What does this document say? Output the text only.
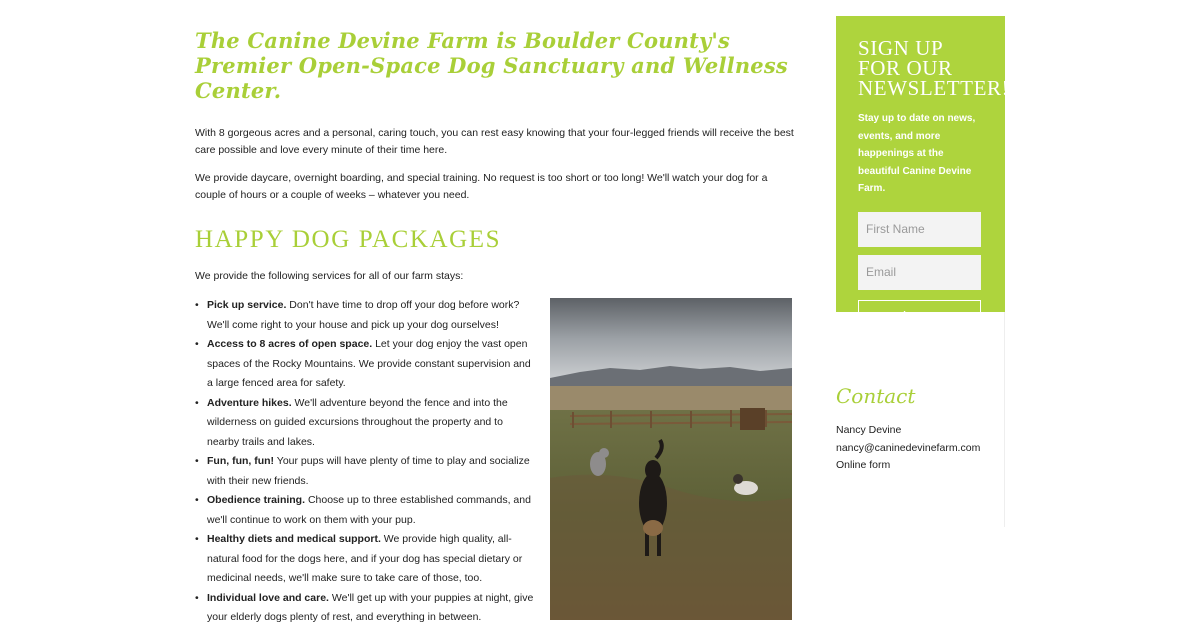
The Canine Devine Farm is Boulder County's Premier Open-Space Dog Sanctuary and Wellness Center.

With 8 gorgeous acres and a personal, caring touch, you can rest easy knowing that your four-legged friends will receive the best care possible and love every minute of their time here.

We provide daycare, overnight boarding, and special training. No request is too short or too long! We'll watch your dog for a couple of hours or a couple of weeks – whatever you need.

HAPPY DOG PACKAGES

We provide the following services for all of our farm stays:

• Pick up service. Don't have time to drop off your dog before work? We'll come right to your house and pick up your dog ourselves!
• Access to 8 acres of open space. Let your dog enjoy the vast open spaces of the Rocky Mountains. We provide constant supervision and a large fenced area for safety.
• Adventure hikes. We'll adventure beyond the fence and into the wilderness on guided excursions throughout the property and to nearby trails and lakes.
• Fun, fun, fun! Your pups will have plenty of time to play and socialize with their new friends.
• Obedience training. Choose up to three established commands, and we'll continue to work on them with your pup.
• Healthy diets and medical support. We provide high quality, all-natural food for the dogs here, and if your dog has special dietary or medicinal needs, we'll make sure to take care of those, too.
• Individual love and care. We'll get up with your puppies at night, give your elderly dogs plenty of rest, and everything in between.
SIGN UP FOR OUR NEWSLETTER!

Stay up to date on news, events, and more happenings at the beautiful Canine Devine Farm.

First Name
Email
Sign Up
Contact
Nancy Devine
nancy@caninedevinefarm.com
Online form
